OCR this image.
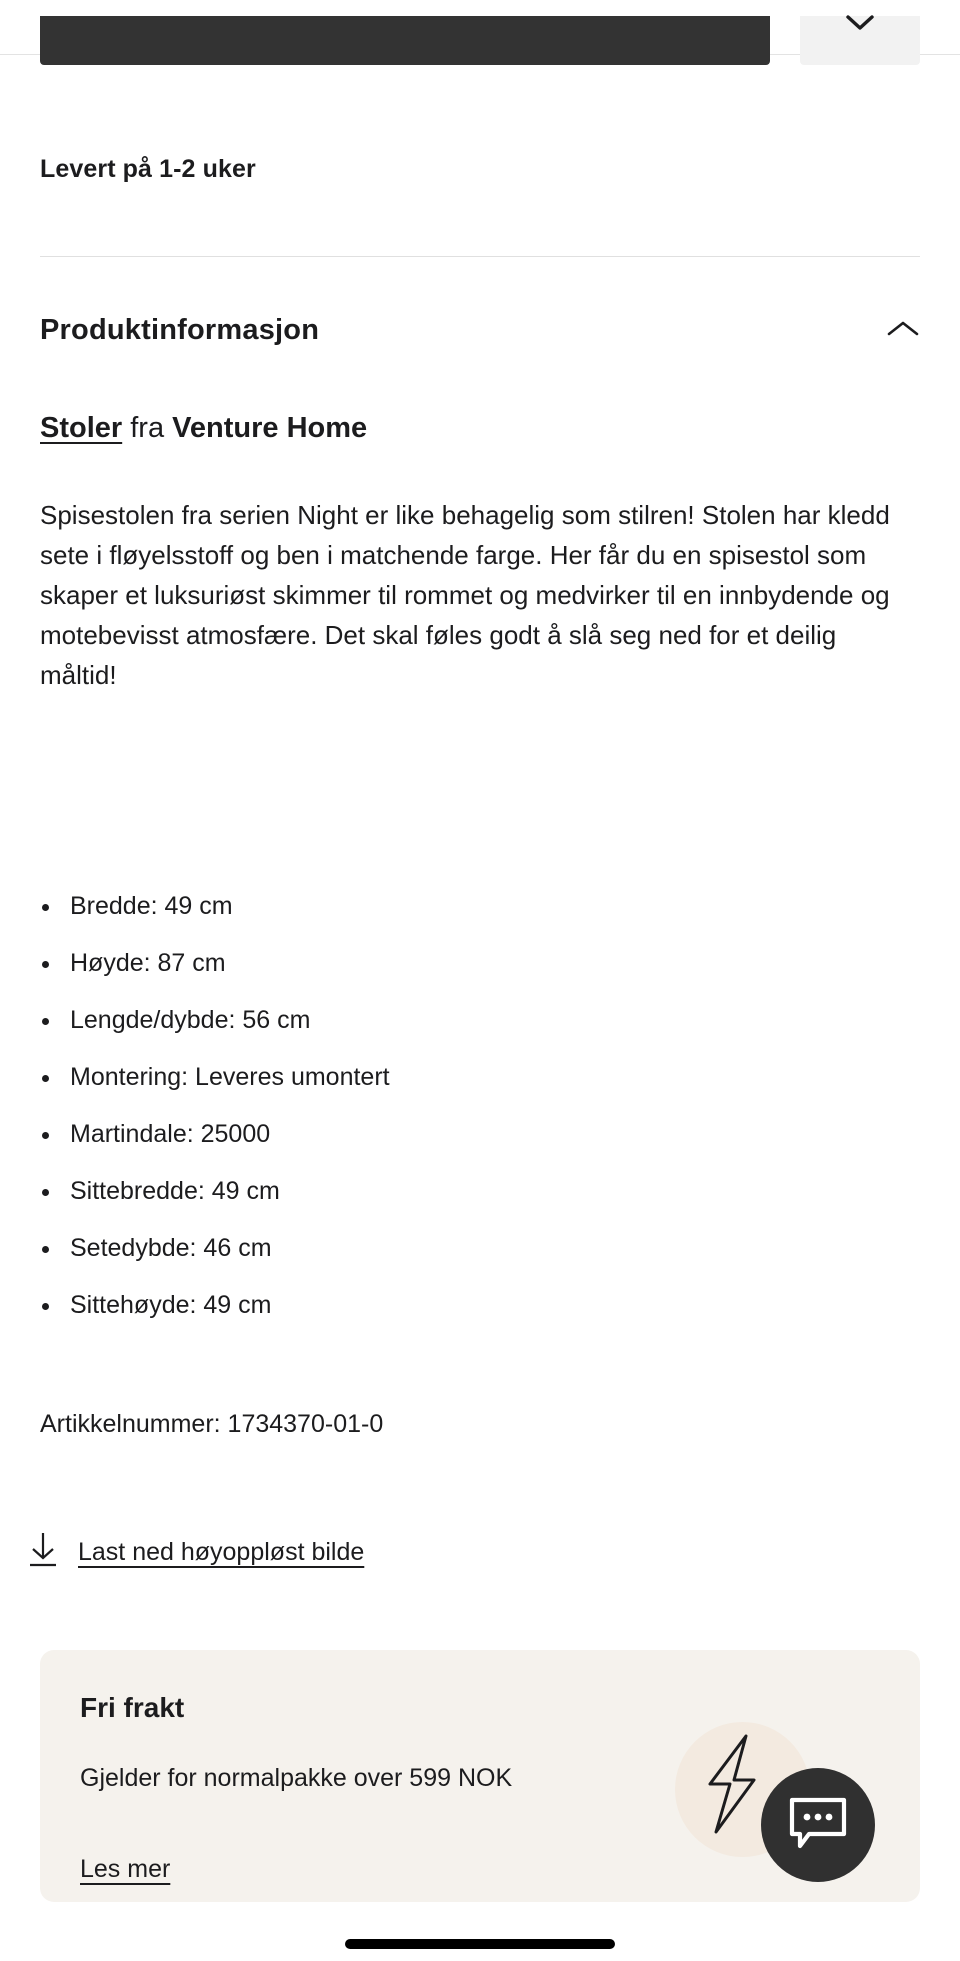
Levert på 1-2 uker
Produktinformasjon
Stoler fra Venture Home

Spisestolen fra serien Night er like behagelig som stilren! Stolen har kledd sete i fløyelsstoff og ben i matchende farge. Her får du en spisestol som skaper et luksuriøst skimmer til rommet og medvirker til en innbydende og motebevisst atmosfære. Det skal føles godt å slå seg ned for et deilig måltid!

Bredde: 49 cm
Høyde: 87 cm
Lengde/dybde: 56 cm
Montering: Leveres umontert
Martindale: 25000
Sittebredde: 49 cm
Setedybde: 46 cm
Sittehøyde: 49 cm
Artikkelnummer: 1734370-01-0
Last ned høyoppløst bilde
Fri frakt
Gjelder for normalpakke over 599 NOK
Les mer
